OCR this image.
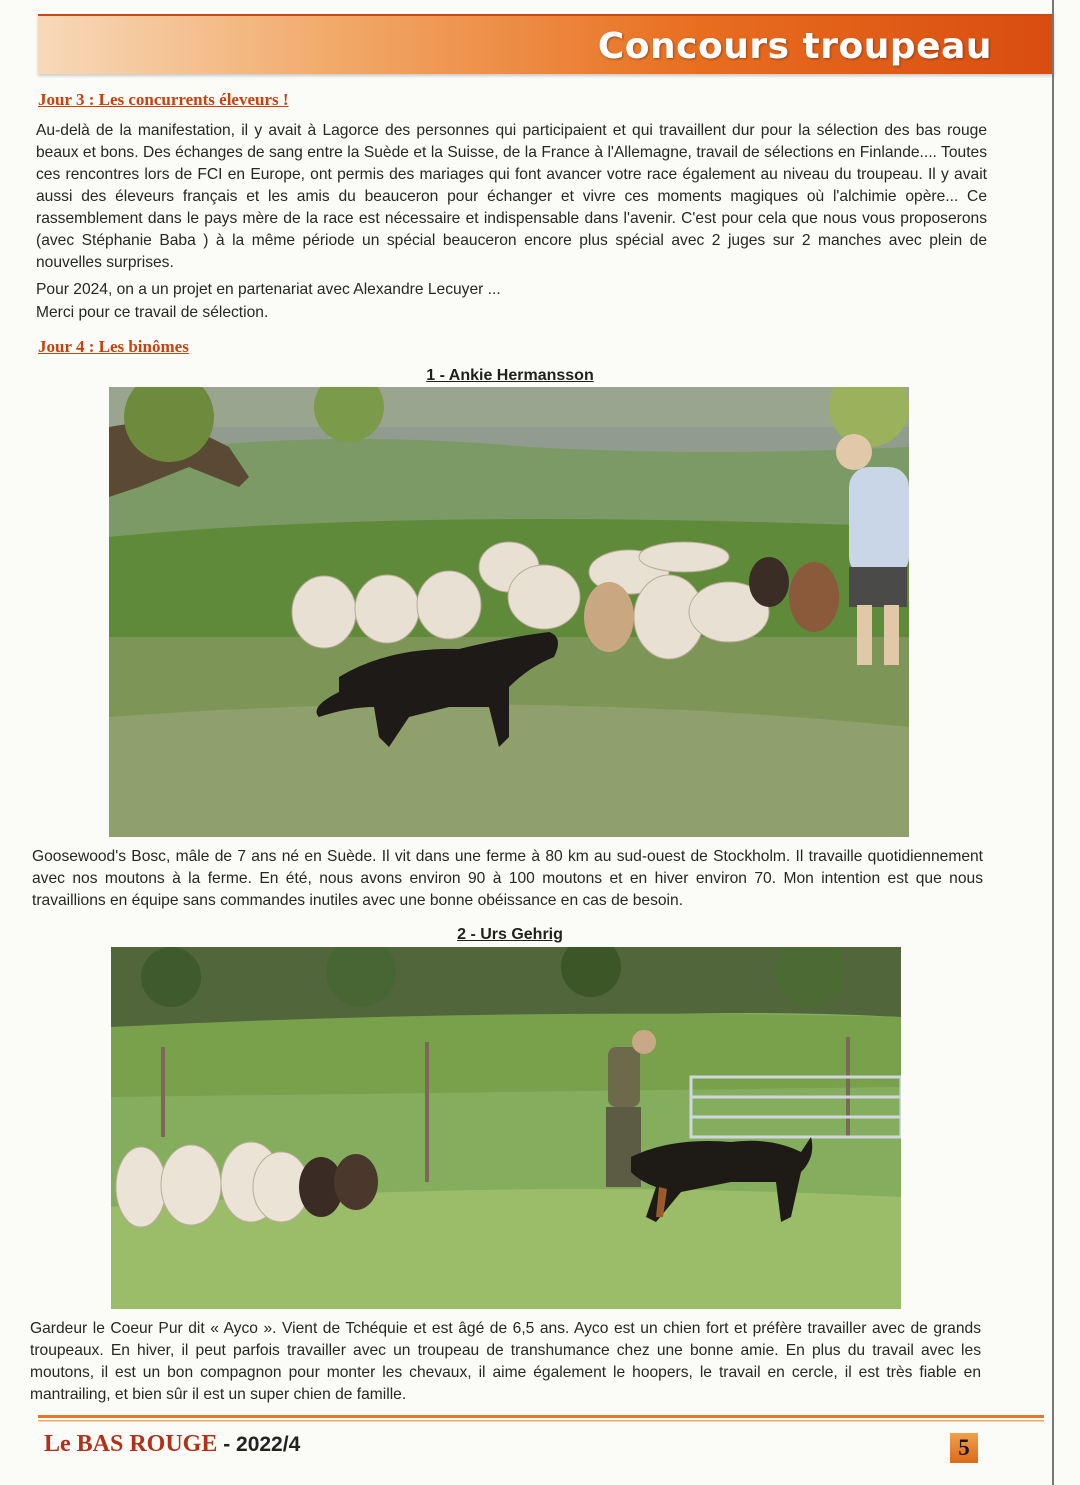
Concours troupeau
Jour 3 : Les concurrents éleveurs !

Au-delà de la manifestation, il y avait à Lagorce des personnes qui participaient et qui travaillent dur pour la sélection des bas rouge beaux et bons. Des échanges de sang entre la Suède et la Suisse, de la France à l'Allemagne, travail de sélections en Finlande.... Toutes ces rencontres lors de FCI en Europe, ont permis des mariages qui font avancer votre race également au niveau du troupeau. Il y avait aussi des éleveurs français et les amis du beauceron pour échanger et vivre ces moments magiques où l'alchimie opère... Ce rassemblement dans le pays mère de la race est nécessaire et indispensable dans l'avenir. C'est pour cela que nous vous proposerons (avec Stéphanie Baba ) à la même période un spécial beauceron encore plus spécial avec 2 juges sur 2 manches avec plein de nouvelles surprises.

Pour 2024, on a un projet en partenariat avec Alexandre Lecuyer ...

Merci pour ce travail de sélection.

Jour 4 : Les binômes
1 - Ankie Hermansson

Goosewood's Bosc, mâle de 7 ans né en Suède. Il vit dans une ferme à 80 km au sud-ouest de Stockholm. Il travaille quotidiennement avec nos moutons à la ferme. En été, nous avons environ 90 à 100 moutons et en hiver environ 70. Mon intention est que nous travaillions en équipe sans commandes inutiles avec une bonne obéissance en cas de besoin.

2 - Urs Gehrig

Gardeur le Coeur Pur dit « Ayco ». Vient de Tchéquie et est âgé de 6,5 ans. Ayco est un chien fort et préfère travailler avec de grands troupeaux. En hiver, il peut parfois travailler avec un troupeau de transhumance chez une bonne amie. En plus du travail avec les moutons, il est un bon compagnon pour monter les chevaux, il aime également le hoopers, le travail en cercle, il est très fiable en mantrailing, et bien sûr il est un super chien de famille.

Le BAS ROUGE - 2022/4	5
